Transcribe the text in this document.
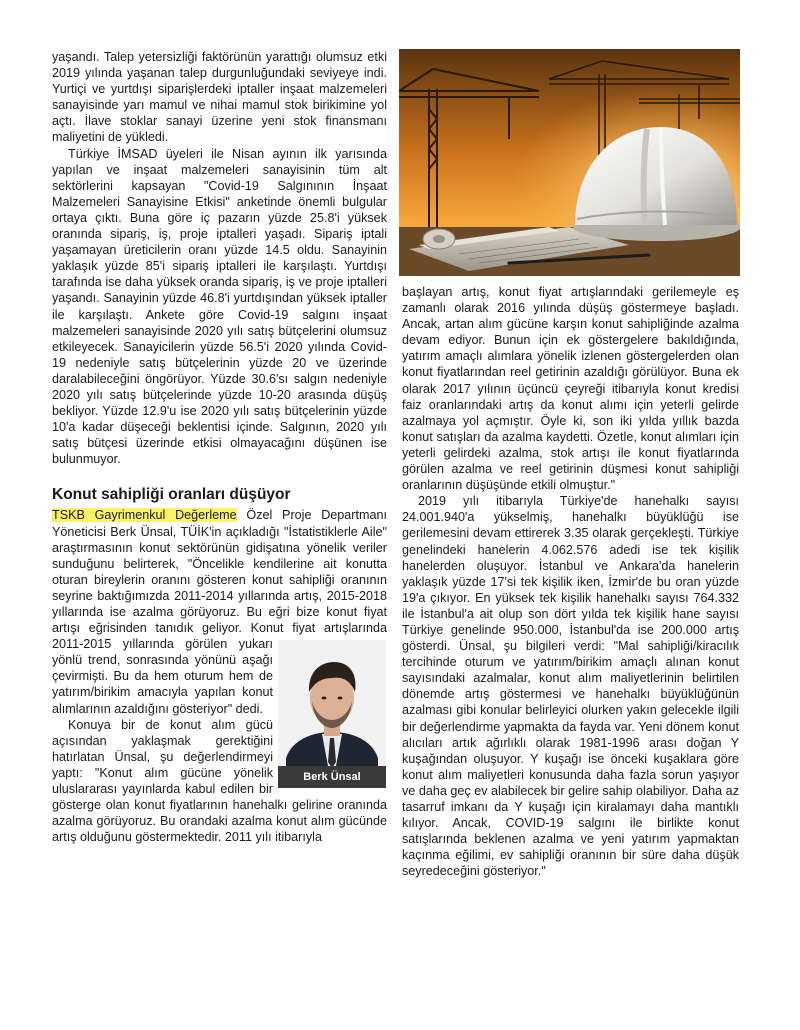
yaşandı. Talep yetersizliği faktörünün yarattığı olumsuz etki 2019 yılında yaşanan talep durgunluğundaki seviyeye indi. Yurtiçi ve yurtdışı siparişlerdeki iptaller inşaat malzemeleri sanayisinde yarı mamul ve nihai mamul stok birikimine yol açtı. İlave stoklar sanayi üzerine yeni stok finansmanı maliyetini de yükledi.

Türkiye İMSAD üyeleri ile Nisan ayının ilk yarısında yapılan ve inşaat malzemeleri sanayisinin tüm alt sektörlerini kapsayan "Covid-19 Salgınının İnşaat Malzemeleri Sanayisine Etkisi" anketinde önemli bulgular ortaya çıktı. Buna göre iç pazarın yüzde 25.8'i yüksek oranında sipariş, iş, proje iptalleri yaşadı. Sipariş iptali yaşamayan üreticilerin oranı yüzde 14.5 oldu. Sanayinin yaklaşık yüzde 85'i sipariş iptalleri ile karşılaştı. Yurtdışı tarafında ise daha yüksek oranda sipariş, iş ve proje iptalleri yaşandı. Sanayinin yüzde 46.8'i yurtdışından yüksek iptaller ile karşılaştı. Ankete göre Covid-19 salgını inşaat malzemeleri sanayisinde 2020 yılı satış bütçelerini olumsuz etkileyecek. Sanayicilerin yüzde 56.5'i 2020 yılında Covid-19 nedeniyle satış bütçelerinin yüzde 20 ve üzerinde daralabileceğini öngörüyor. Yüzde 30.6'sı salgın nedeniyle 2020 yılı satış bütçelerinde yüzde 10-20 arasında düşüş bekliyor. Yüzde 12.9'u ise 2020 yılı satış bütçelerinin yüzde 10'a kadar düşeceği beklentisi içinde. Salgının, 2020 yılı satış bütçesi üzerinde etkisi olmayacağını düşünen ise bulunmuyor.

Konut sahipliği oranları düşüyor

TSKB Gayrimenkul Değerleme Özel Proje Departmanı Yöneticisi Berk Ünsal, TÜİK'in açıkladığı "İstatistiklerle Aile" araştırmasının konut sektörünün gidişatına yönelik veriler sunduğunu belirterek, "Öncelikle kendilerine ait konutta oturan bireylerin oranını gösteren konut sahipliği oranının seyrine baktığımızda 2011-2014 yıllarında artış, 2015-2018 yıllarında ise azalma görüyoruz. Bu eğri bize konut fiyat artışı eğrisinden tanıdık geliyor. Konut fiyat artışlarında 2011-2015 yıllarında görülen yukarı yönlü trend, sonrasında yönünü aşağı çevirmişti. Bu da hem oturum hem de yatırım/birikim amacıyla yapılan konut alımlarının azaldığını gösteriyor" dedi.

Konuya bir de konut alım gücü açısından yaklaşmak gerektiğini hatırlatan Ünsal, şu değerlendirmeyi yaptı: "Konut alım gücüne yönelik uluslararası yayınlarda kabul edilen bir gösterge olan konut fiyatlarının hanehalkı gelirine oranında azalma görüyoruz. Bu orandaki azalma konut alım gücünde artış olduğunu göstermektedir. 2011 yılı itibarıyla

Berk Ünsal

başlayan artış, konut fiyat artışlarındaki gerilemeyle eş zamanlı olarak 2016 yılında düşüş göstermeye başladı. Ancak, artan alım gücüne karşın konut sahipliğinde azalma devam ediyor. Bunun için ek göstergelere bakıldığında, yatırım amaçlı alımlara yönelik izlenen göstergelerden olan konut fiyatlarından reel getirinin azaldığı görülüyor. Buna ek olarak 2017 yılının üçüncü çeyreği itibarıyla konut kredisi faiz oranlarındaki artış da konut alımı için yeterli gelirde azalmaya yol açmıştır. Öyle ki, son iki yılda yıllık bazda konut satışları da azalma kaydetti. Özetle, konut alımları için yeterli gelirdeki azalma, stok artışı ile konut fiyatlarında görülen azalma ve reel getirinin düşmesi konut sahipliği oranlarının düşüşünde etkili olmuştur."

2019 yılı itibarıyla Türkiye'de hanehalkı sayısı 24.001.940'a yükselmiş, hanehalkı büyüklüğü ise gerilemesini devam ettirerek 3.35 olarak gerçekleşti. Türkiye genelindeki hanelerin 4.062.576 adedi ise tek kişilik hanelerden oluşuyor. İstanbul ve Ankara'da hanelerin yaklaşık yüzde 17'si tek kişilik iken, İzmir'de bu oran yüzde 19'a çıkıyor. En yüksek tek kişilik hanehalkı sayısı 764.332 ile İstanbul'a ait olup son dört yılda tek kişilik hane sayısı Türkiye genelinde 950.000, İstanbul'da ise 200.000 artış gösterdi. Ünsal, şu bilgileri verdi: "Mal sahipliği/kiracılık tercihinde oturum ve yatırım/birikim amaçlı alınan konut sayısındaki azalmalar, konut alım maliyetlerinin belirtilen dönemde artış göstermesi ve hanehalkı büyüklüğünün azalması gibi konular belirleyici olurken yakın gelecekle ilgili bir değerlendirme yapmakta da fayda var. Yeni dönem konut alıcıları artık ağırlıklı olarak 1981-1996 arası doğan Y kuşağından oluşuyor. Y kuşağı ise önceki kuşaklara göre konut alım maliyetleri konusunda daha fazla sorun yaşıyor ve daha geç ev alabilecek bir gelire sahip olabiliyor. Daha az tasarruf imkanı da Y kuşağı için kiralamayı daha mantıklı kılıyor. Ancak, COVID-19 salgını ile birlikte konut satışlarında beklenen azalma ve yeni yatırım yapmaktan kaçınma eğilimi, ev sahipliği oranının bir süre daha düşük seyredeceğini gösteriyor."
